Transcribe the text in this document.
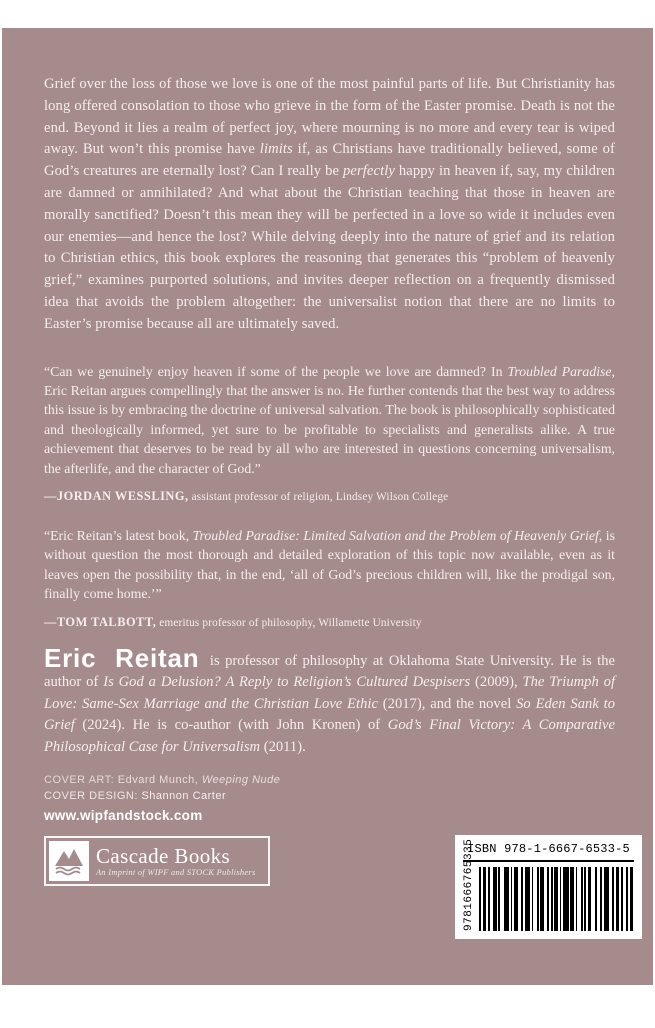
Grief over the loss of those we love is one of the most painful parts of life. But Christianity has long offered consolation to those who grieve in the form of the Easter promise. Death is not the end. Beyond it lies a realm of perfect joy, where mourning is no more and every tear is wiped away. But won’t this promise have limits if, as Christians have traditionally believed, some of God’s creatures are eternally lost? Can I really be perfectly happy in heaven if, say, my children are damned or annihilated? And what about the Christian teaching that those in heaven are morally sanctified? Doesn’t this mean they will be perfected in a love so wide it includes even our enemies—and hence the lost? While delving deeply into the nature of grief and its relation to Christian ethics, this book explores the reasoning that generates this “problem of heavenly grief,” examines purported solutions, and invites deeper reflection on a frequently dismissed idea that avoids the problem altogether: the universalist notion that there are no limits to Easter’s promise because all are ultimately saved.

“Can we genuinely enjoy heaven if some of the people we love are damned? In Troubled Paradise, Eric Reitan argues compellingly that the answer is no. He further contends that the best way to address this issue is by embracing the doctrine of universal salvation. The book is philosophically sophisticated and theologically informed, yet sure to be profitable to specialists and generalists alike. A true achievement that deserves to be read by all who are interested in questions concerning universalism, the afterlife, and the character of God.”

—JORDAN WESSLING, assistant professor of religion, Lindsey Wilson College

“Eric Reitan’s latest book, Troubled Paradise: Limited Salvation and the Problem of Heavenly Grief, is without question the most thorough and detailed exploration of this topic now available, even as it leaves open the possibility that, in the end, ‘all of God’s precious children will, like the prodigal son, finally come home.’”

—TOM TALBOTT, emeritus professor of philosophy, Willamette University

Eric Reitan is professor of philosophy at Oklahoma State University. He is the author of Is God a Delusion? A Reply to Religion’s Cultured Despisers (2009), The Triumph of Love: Same-Sex Marriage and the Christian Love Ethic (2017), and the novel So Eden Sank to Grief (2024). He is co-author (with John Kronen) of God’s Final Victory: A Comparative Philosophical Case for Universalism (2011).

COVER ART: Edvard Munch, Weeping Nude

COVER DESIGN: Shannon Carter

www.wipfandstock.com

Cascade Books
An Imprint of WIPF and STOCK Publishers
ISBN 978-1-6667-6533-5
9781666765335
